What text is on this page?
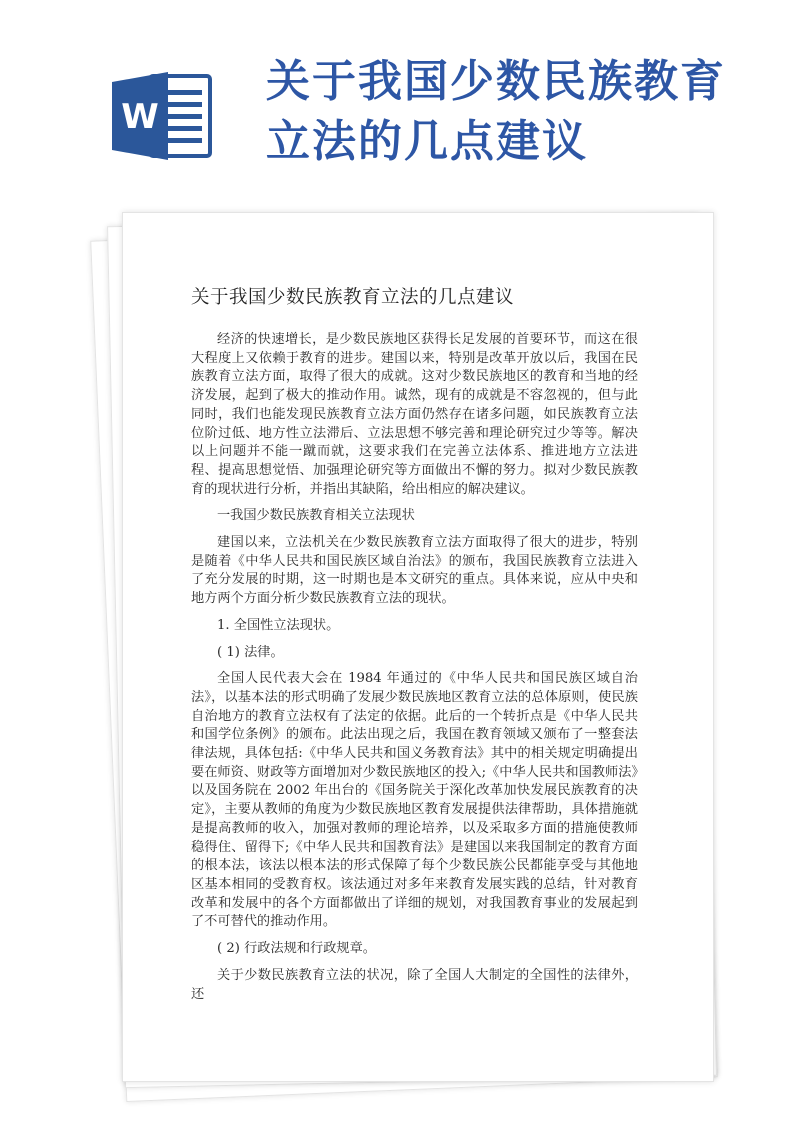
W
关于我国少数民族教育
立法的几点建议
关于我国少数民族教育立法的几点建议

经济的快速增长，是少数民族地区获得长足发展的首要环节，而这在很大程度上又依赖于教育的进步。建国以来，特别是改革开放以后，我国在民族教育立法方面，取得了很大的成就。这对少数民族地区的教育和当地的经济发展，起到了极大的推动作用。诚然，现有的成就是不容忽视的，但与此同时，我们也能发现民族教育立法方面仍然存在诸多问题，如民族教育立法位阶过低、地方性立法滞后、立法思想不够完善和理论研究过少等等。解决以上问题并不能一蹴而就，这要求我们在完善立法体系、推进地方立法进程、提高思想觉悟、加强理论研究等方面做出不懈的努力。拟对少数民族教育的现状进行分析，并指出其缺陷，给出相应的解决建议。

一我国少数民族教育相关立法现状

建国以来，立法机关在少数民族教育立法方面取得了很大的进步，特别是随着《中华人民共和国民族区域自治法》的颁布，我国民族教育立法进入了充分发展的时期，这一时期也是本文研究的重点。具体来说，应从中央和地方两个方面分析少数民族教育立法的现状。

1. 全国性立法现状。

( 1) 法律。

全国人民代表大会在 1984 年通过的《中华人民共和国民族区域自治法》，以基本法的形式明确了发展少数民族地区教育立法的总体原则，使民族自治地方的教育立法权有了法定的依据。此后的一个转折点是《中华人民共和国学位条例》的颁布。此法出现之后，我国在教育领域又颁布了一整套法律法规，具体包括:《中华人民共和国义务教育法》其中的相关规定明确提出要在师资、财政等方面增加对少数民族地区的投入;《中华人民共和国教师法》以及国务院在 2002 年出台的《国务院关于深化改革加快发展民族教育的决定》，主要从教师的角度为少数民族地区教育发展提供法律帮助，具体措施就是提高教师的收入，加强对教师的理论培养，以及采取多方面的措施使教师稳得住、留得下;《中华人民共和国教育法》是建国以来我国制定的教育方面的根本法，该法以根本法的形式保障了每个少数民族公民都能享受与其他地区基本相同的受教育权。该法通过对多年来教育发展实践的总结，针对教育改革和发展中的各个方面都做出了详细的规划，对我国教育事业的发展起到了不可替代的推动作用。

( 2) 行政法规和行政规章。

关于少数民族教育立法的状况，除了全国人大制定的全国性的法律外，还
